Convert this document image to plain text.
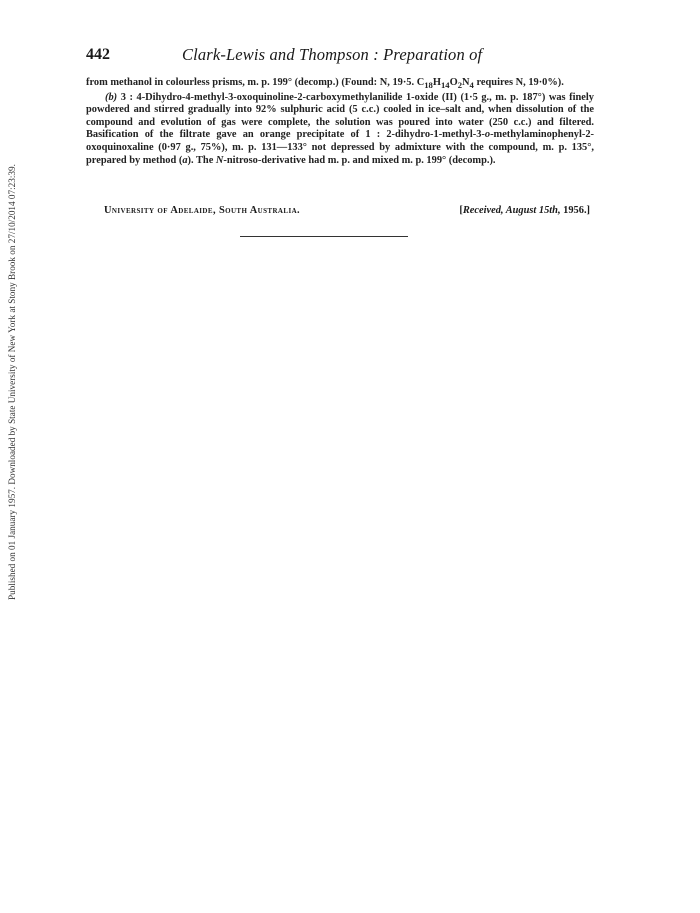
Published on 01 January 1957. Downloaded by State University of New York at Stony Brook on 27/10/2014 07:23:39.
442	Clark-Lewis and Thompson : Preparation of

from methanol in colourless prisms, m. p. 199° (decomp.) (Found: N, 19·5. $C_{18}H_{14}O_2N_4$ requires N, 19·0%).

(b) 3 : 4-Dihydro-4-methyl-3-oxoquinoline-2-carboxymethylanilide 1-oxide (II) (1·5 g., m. p. 187°) was finely powdered and stirred gradually into 92% sulphuric acid (5 c.c.) cooled in ice–salt and, when dissolution of the compound and evolution of gas were complete, the solution was poured into water (250 c.c.) and filtered. Basification of the filtrate gave an orange precipitate of 1 : 2-dihydro-1-methyl-3-o-methylaminophenyl-2-oxoquinoxaline (0·97 g., 75%), m. p. 131—133° not depressed by admixture with the compound, m. p. 135°, prepared by method (a). The N-nitroso-derivative had m. p. and mixed m. p. 199° (decomp.).

University of Adelaide, South Australia.	[Received, August 15th, 1956.]
